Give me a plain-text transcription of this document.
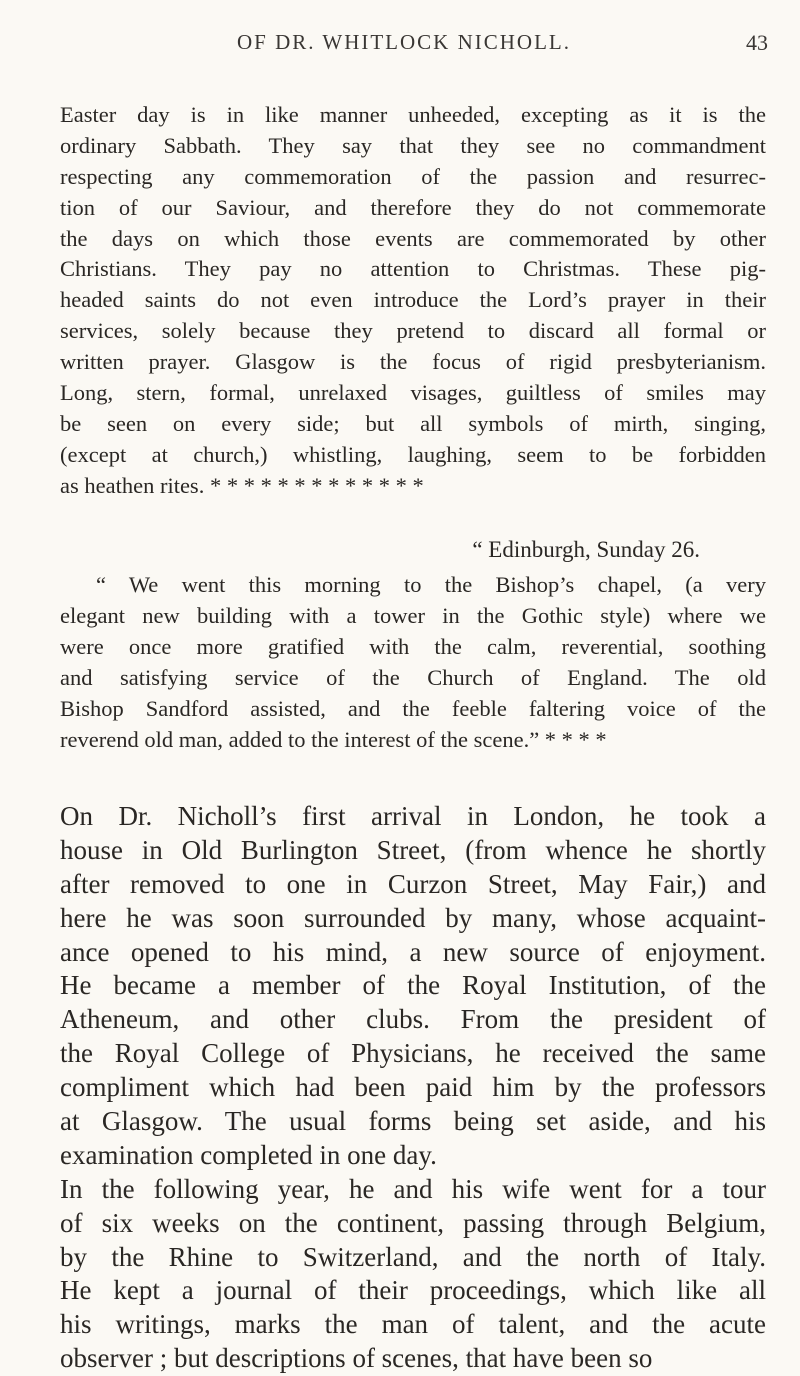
OF DR. WHITLOCK NICHOLL.	43
Easter day is in like manner unheeded, excepting as it is the
ordinary Sabbath. They say that they see no commandment
respecting any commemoration of the passion and resurrec-
tion of our Saviour, and therefore they do not commemorate
the days on which those events are commemorated by other
Christians. They pay no attention to Christmas. These pig-
headed saints do not even introduce the Lord’s prayer in their
services, solely because they pretend to discard all formal or
written prayer. Glasgow is the focus of rigid presbyterianism.
Long, stern, formal, unrelaxed visages, guiltless of smiles may
be seen on every side; but all symbols of mirth, singing,
(except at church,) whistling, laughing, seem to be forbidden
as heathen rites. * * * * * * * * * * * * *
“ Edinburgh, Sunday 26.
“ We went this morning to the Bishop’s chapel, (a very
elegant new building with a tower in the Gothic style) where we
were once more gratified with the calm, reverential, soothing
and satisfying service of the Church of England. The old
Bishop Sandford assisted, and the feeble faltering voice of the
reverend old man, added to the interest of the scene.” * * * *
On Dr. Nicholl’s first arrival in London, he took a
house in Old Burlington Street, (from whence he shortly
after removed to one in Curzon Street, May Fair,) and
here he was soon surrounded by many, whose acquaint-
ance opened to his mind, a new source of enjoyment.
He became a member of the Royal Institution, of the
Atheneum, and other clubs. From the president of
the Royal College of Physicians, he received the same
compliment which had been paid him by the professors
at Glasgow. The usual forms being set aside, and his
examination completed in one day.
In the following year, he and his wife went for a tour
of six weeks on the continent, passing through Belgium,
by the Rhine to Switzerland, and the north of Italy.
He kept a journal of their proceedings, which like all
his writings, marks the man of talent, and the acute
observer ; but descriptions of scenes, that have been so
